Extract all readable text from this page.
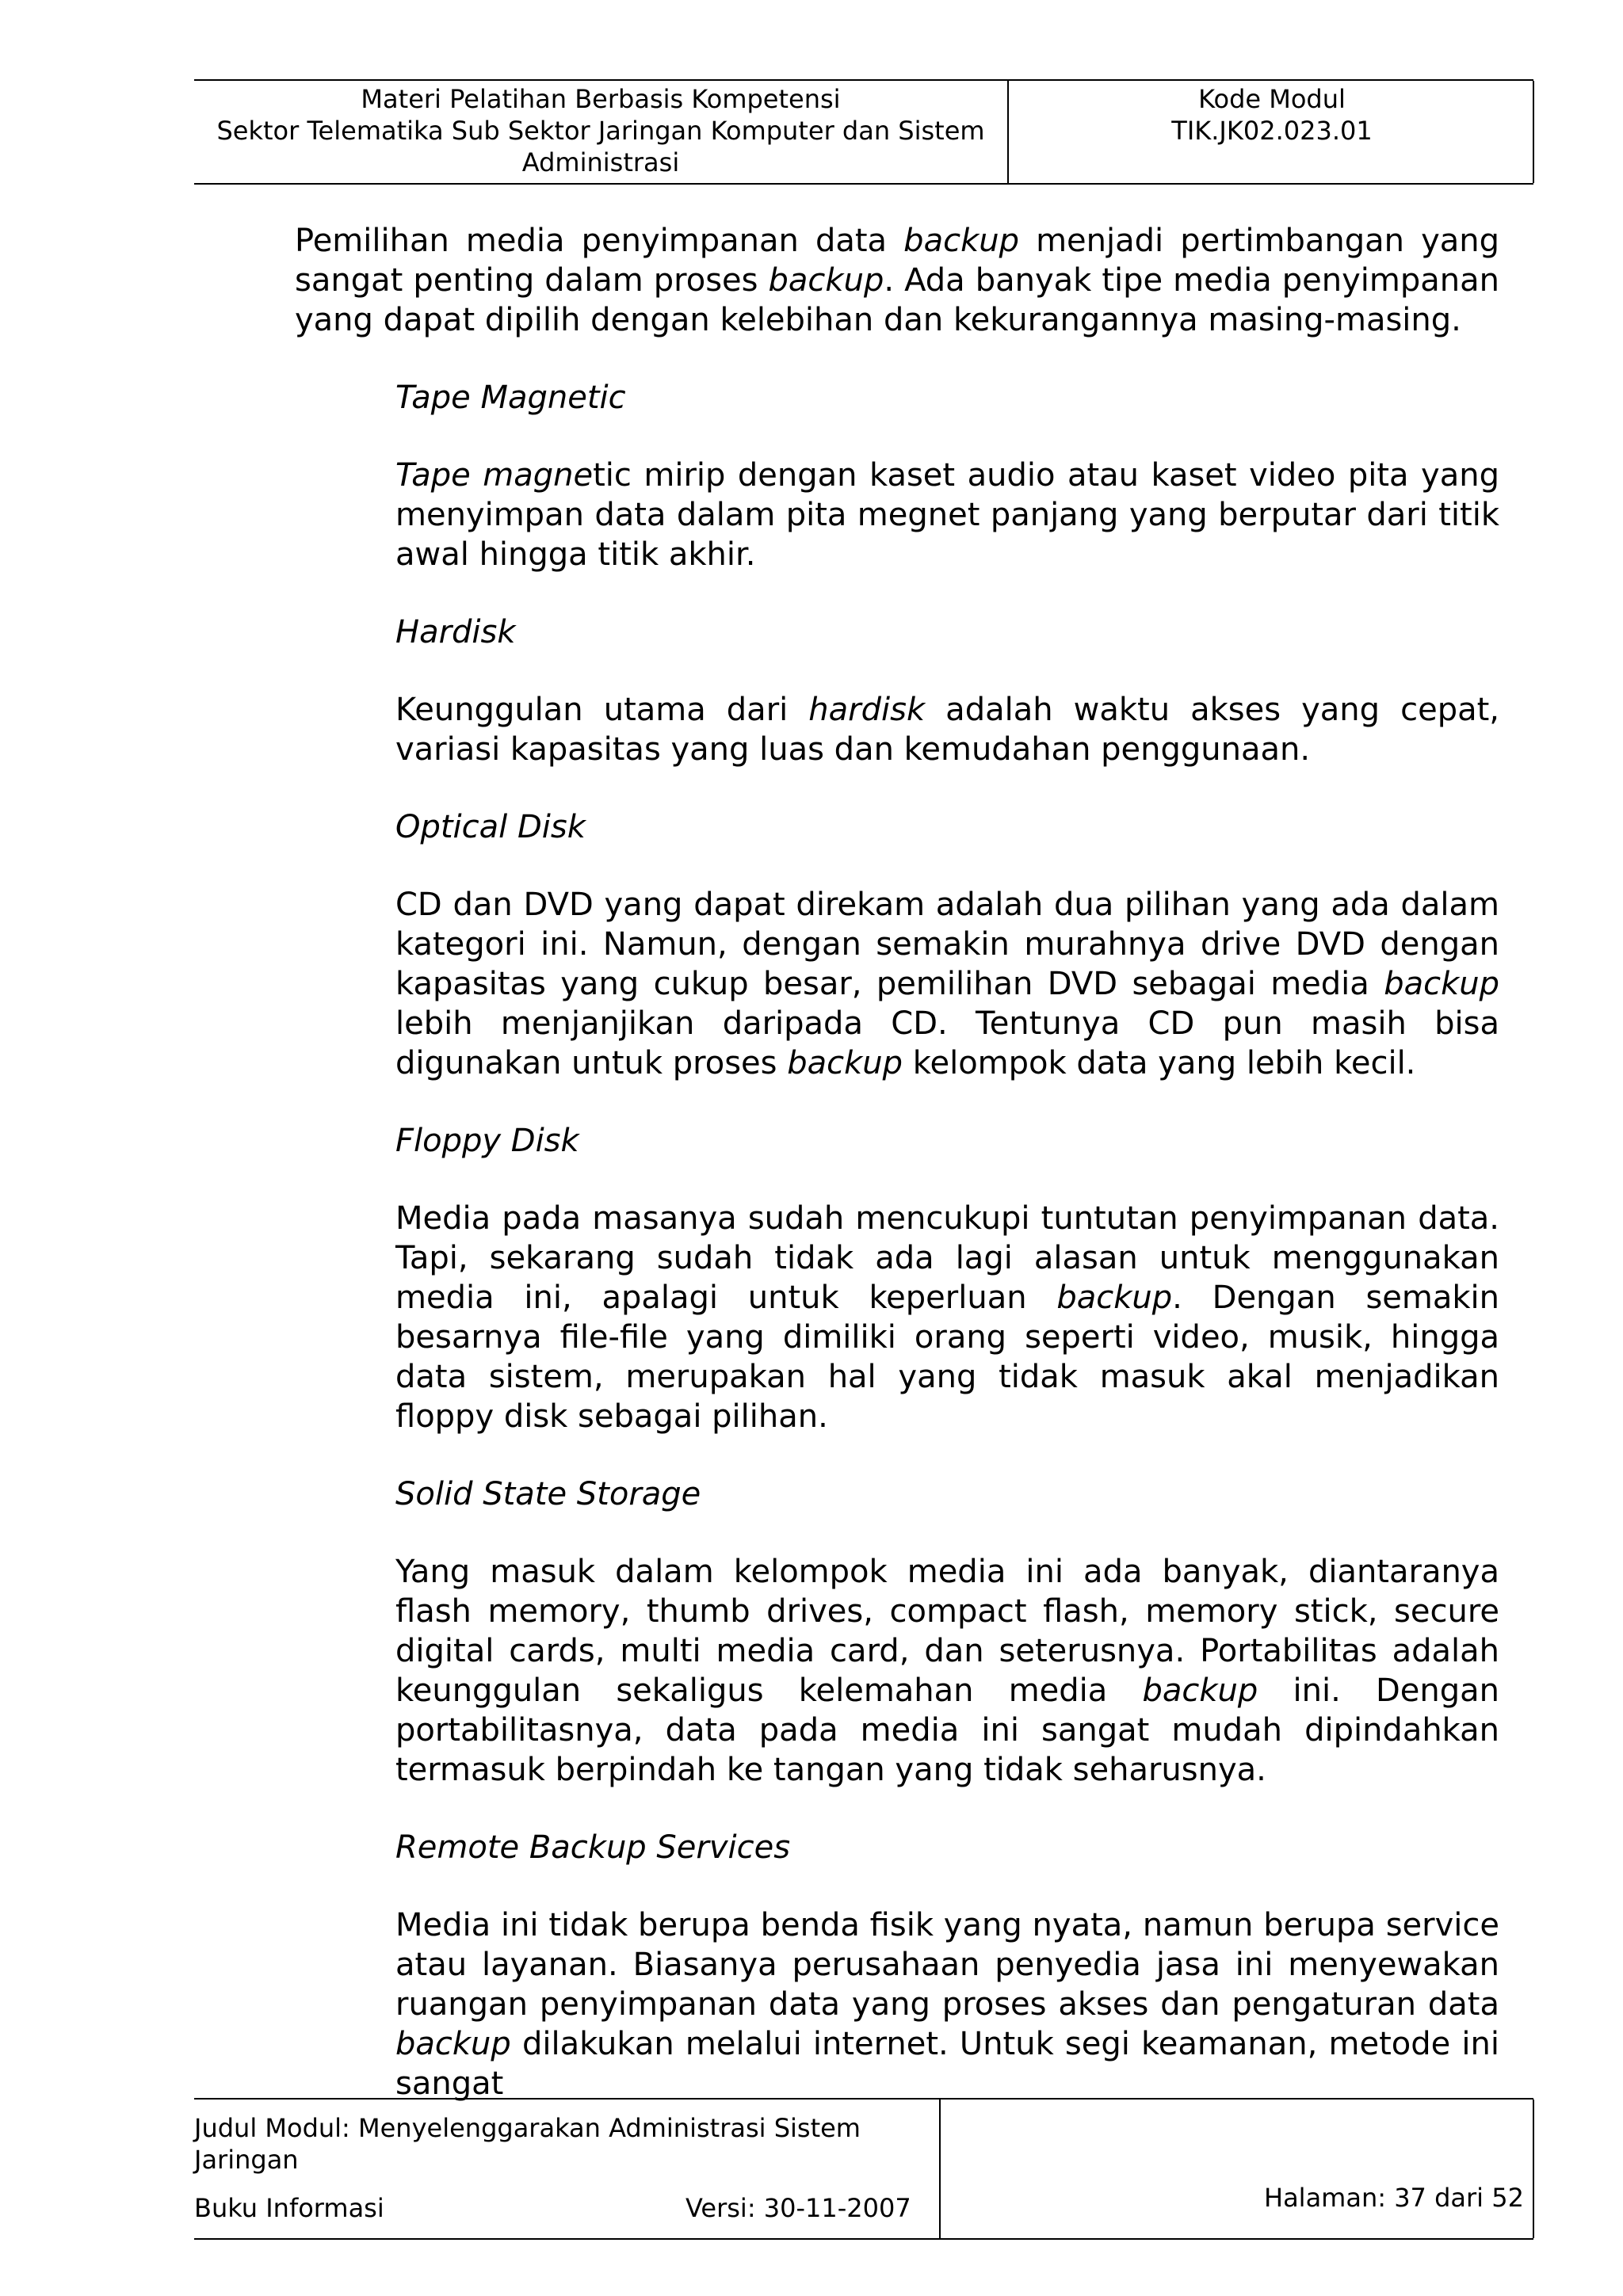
Materi Pelatihan Berbasis Kompetensi
Sektor Telematika Sub Sektor Jaringan Komputer dan Sistem
Administrasi
Kode Modul
TIK.JK02.023.01

Pemilihan media penyimpanan data backup menjadi pertimbangan yang sangat penting dalam proses backup. Ada banyak tipe media penyimpanan yang dapat dipilih dengan kelebihan dan kekurangannya masing-masing.

Tape Magnetic

Tape magnetic mirip dengan kaset audio atau kaset video pita yang menyimpan data dalam pita megnet panjang yang berputar dari titik awal hingga titik akhir.

Hardisk

Keunggulan utama dari hardisk adalah waktu akses yang cepat, variasi kapasitas yang luas dan kemudahan penggunaan.

Optical Disk

CD dan DVD yang dapat direkam adalah dua pilihan yang ada dalam kategori ini. Namun, dengan semakin murahnya drive DVD dengan kapasitas yang cukup besar, pemilihan DVD sebagai media backup lebih menjanjikan daripada CD. Tentunya CD pun masih bisa digunakan untuk proses backup kelompok data yang lebih kecil.

Floppy Disk

Media pada masanya sudah mencukupi tuntutan penyimpanan data. Tapi, sekarang sudah tidak ada lagi alasan untuk menggunakan media ini, apalagi untuk keperluan backup. Dengan semakin besarnya file-file yang dimiliki orang seperti video, musik, hingga data sistem, merupakan hal yang tidak masuk akal menjadikan floppy disk sebagai pilihan.

Solid State Storage

Yang masuk dalam kelompok media ini ada banyak, diantaranya flash memory, thumb drives, compact flash, memory stick, secure digital cards, multi media card, dan seterusnya. Portabilitas adalah keunggulan sekaligus kelemahan media backup ini. Dengan portabilitasnya, data pada media ini sangat mudah dipindahkan termasuk berpindah ke tangan yang tidak seharusnya.

Remote Backup Services

Media ini tidak berupa benda fisik yang nyata, namun berupa service atau layanan. Biasanya perusahaan penyedia jasa ini menyewakan ruangan penyimpanan data yang proses akses dan pengaturan data backup dilakukan melalui internet. Untuk segi keamanan, metode ini sangat

Judul Modul: Menyelenggarakan Administrasi Sistem Jaringan
Buku Informasi	Versi: 30-11-2007	Halaman: 37 dari 52
